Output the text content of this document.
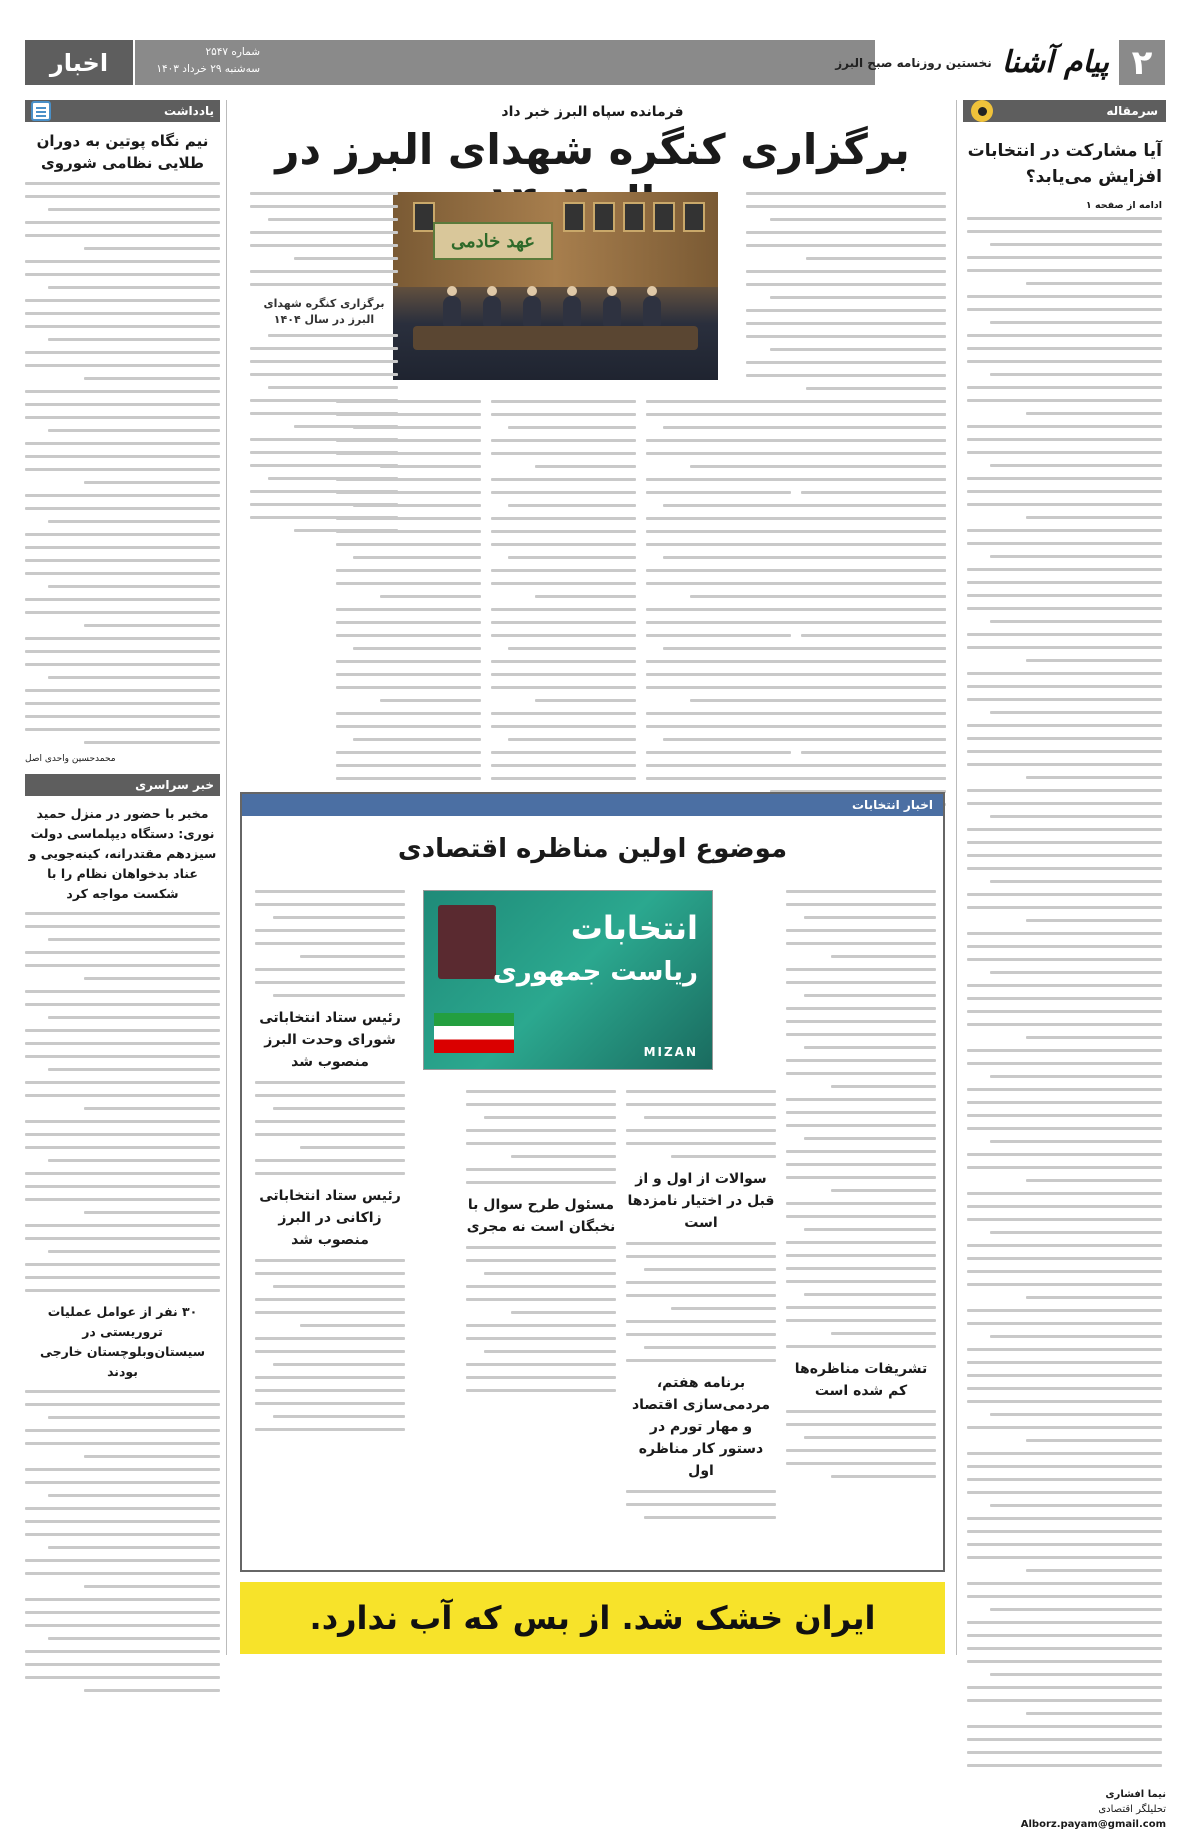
اخبار	شماره ۲۵۴۷
سه‌شنبه ۲۹ خرداد ۱۴۰۳	۲
پیام آشنا
نخستین روزنامه صبح البرز
سرمقاله
آیا مشارکت در انتخابات افزایش می‌یابد؟
ادامه از صفحه ۱
نیما افشاری
تحلیلگر اقتصادی
Alborz.payam@gmail.com
یادداشت
نیم نگاه پوتین به دوران طلایی نظامی شوروی
محمدحسین واحدی اصل
خبر سراسری
مخبر با حضور در منزل حمید نوری: دستگاه دیپلماسی دولت سیزدهم مقتدرانه، کینه‌جویی و عناد بدخواهان نظام را با شکست مواجه کرد
۳۰ نفر از عوامل عملیات تروریستی در سیستان‌وبلوچستان خارجی بودند
فرمانده سپاه البرز خبر داد
برگزاری کنگره شهدای البرز در
عهد خادمی
برگزاری کنگره شهدای البرز در سال ۱۴۰۴
اخبار انتخابات
موضوع اولین مناظره اقتصادی
انتخابات
ریاست جمهوری
MIZAN
تشریفات مناظره‌ها کم شده است
سوالات از اول و از قبل در اختیار نامزدها است
برنامه هفتم، مردمی‌سازی اقتصاد و مهار تورم در دستور کار مناظره اول
مسئول طرح سوال با نخبگان است نه مجری
رئیس ستاد انتخاباتی شورای وحدت البرز منصوب شد
رئیس ستاد انتخاباتی زاکانی در البرز منصوب شد
ایران خشک شد. از بس که آب ندارد.
